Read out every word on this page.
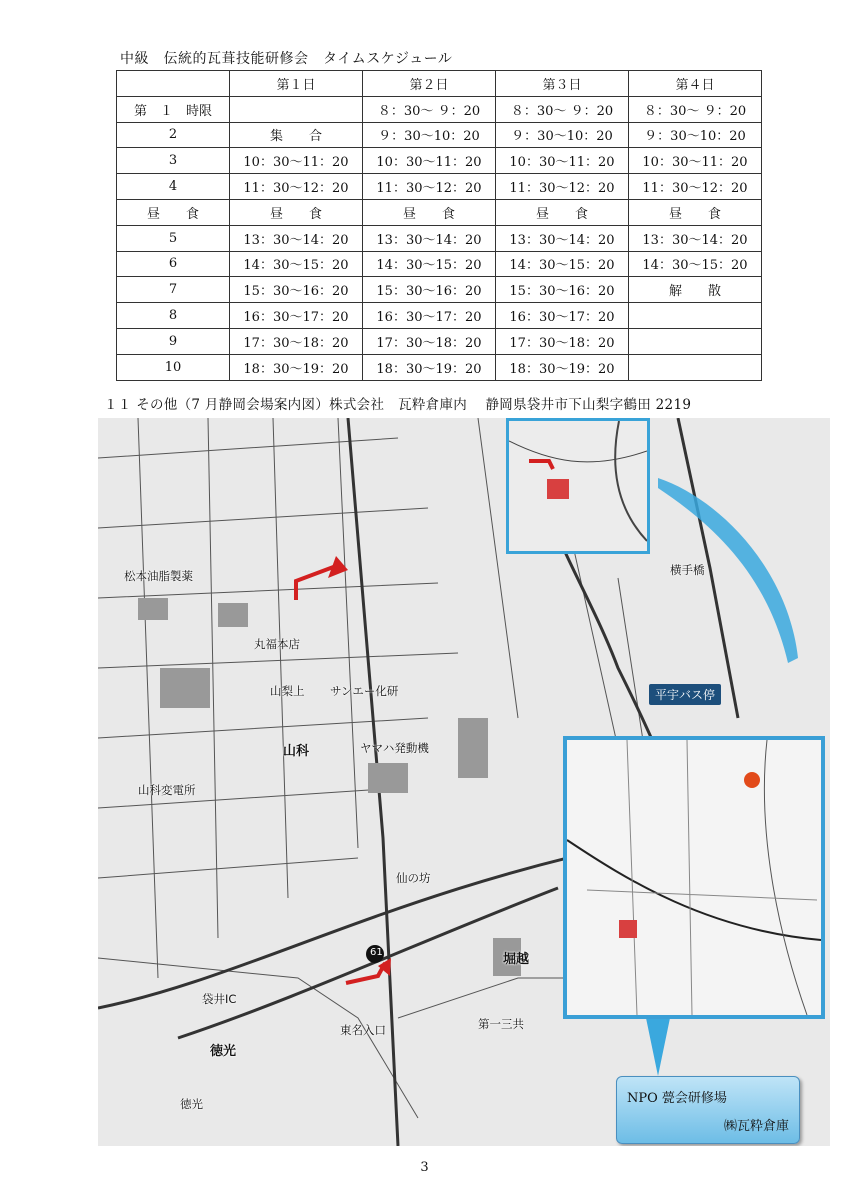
中級　伝統的瓦葺技能研修会　タイムスケジュール
	第１日	第２日	第３日	第４日
第　１　時限		８：30～ ９：20	８：30～ ９：20	８：30～ ９：20
2	集　　合	９：30～10：20	９：30～10：20	９：30～10：20
3	10：30～11：20	10：30～11：20	10：30～11：20	10：30～11：20
4	11：30～12：20	11：30～12：20	11：30～12：20	11：30～12：20
昼　　食	昼　　食	昼　　食	昼　　食	昼　　食
5	13：30～14：20	13：30～14：20	13：30～14：20	13：30～14：20
6	14：30～15：20	14：30～15：20	14：30～15：20	14：30～15：20
7	15：30～16：20	15：30～16：20	15：30～16：20	解　　散
8	16：30～17：20	16：30～17：20	16：30～17：20	
9	17：30～18：20	17：30～18：20	17：30～18：20	
10	18：30～19：20	18：30～19：20	18：30～19：20	
１１ その他（7 月静岡会場案内図）株式会社　瓦粋倉庫内　 静岡県袋井市下山梨字鶴田 2219
松本油脂製薬
丸福本店
山梨上 サンエー化研
ヤマハ発動機
山科
山科変電所
仙の坊
横手橋
袋井IC
堀越
第一三共
徳光
徳光
61
東名入口
平宇バス停
NPO 甍会研修場
㈱瓦粋倉庫
3
